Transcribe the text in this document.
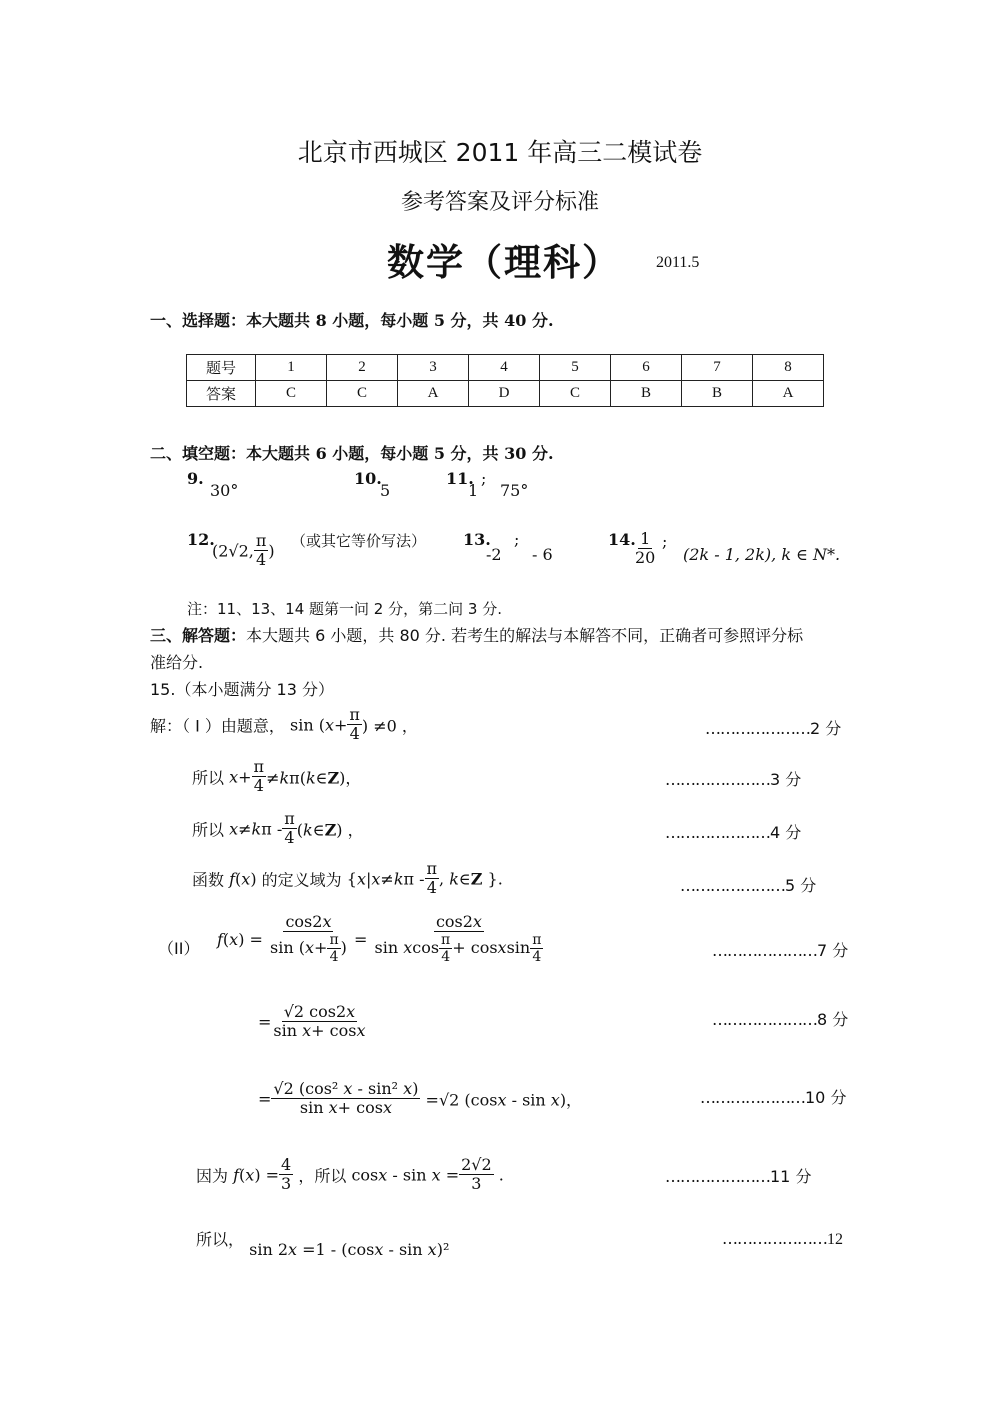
北京市西城区 2011 年高三二模试卷
参考答案及评分标准
数学（理科） 2011.5
一、选择题：本大题共 8 小题，每小题 5 分，共 40 分.
题号	1	2	3	4	5	6	7	8
答案	C	C	A	D	C	B	B	A
二、填空题：本大题共 6 小题，每小题 5 分，共 30 分.
9.
30°
10.
5
11.
1
;
75°
12.
(2√2, $\frac{\pi}{4}$ )
（或其它等价写法） 13.
-2
;
- 6
14.
$\frac{1}{20}$ ;
(2k - 1, 2k), k ∈ N*.
注：11、13、14 题第一问 2 分，第二问 3 分.
三、解答题：本大题共 6 小题，共 80 分. 若考生的解法与本解答不同，正确者可参照评分标
准给分.
15.（本小题满分 13 分）
解：（ I ）由题意， $\sin (x+ \frac{\pi}{4}$ ) ≠0 ，	…………………2 分
所以 $x+ \frac{\pi}{4}$ ≠kπ(k∈Z)，	…………………3 分
所以 $x\ne k\pi - \frac{\pi}{4}$ (k∈Z) ，	…………………4 分
函数 f(x) 的定义域为 {$x|x\ne k\pi - \frac{\pi}{4}$ , k∈Z }.	…………………5 分
（II） $f(x) = \frac{\cos 2x}{\sin (x+ \frac{\pi}{4} )} = \frac{\cos 2x}{\sin xcos \frac{\pi}{4} + cosxsin \frac{\pi}{4}}$	…………………7 分
= $\frac{√2 \cos 2x}{\text{sin x+ cosx}}$	…………………8 分
= $\frac{\text{√2 (cos² x - sin² x)}}{\text{sin x+ cosx}} =√2$ (cosx - sin x)，	…………………10 分
因为 $f(x) = \frac{4}{3}$ ，所以 $\cos x - \sin x = \frac{2√2}{3}$ .	…………………11 分
所以， sin 2x =1 - (cosx - sin x)²
…………………12
